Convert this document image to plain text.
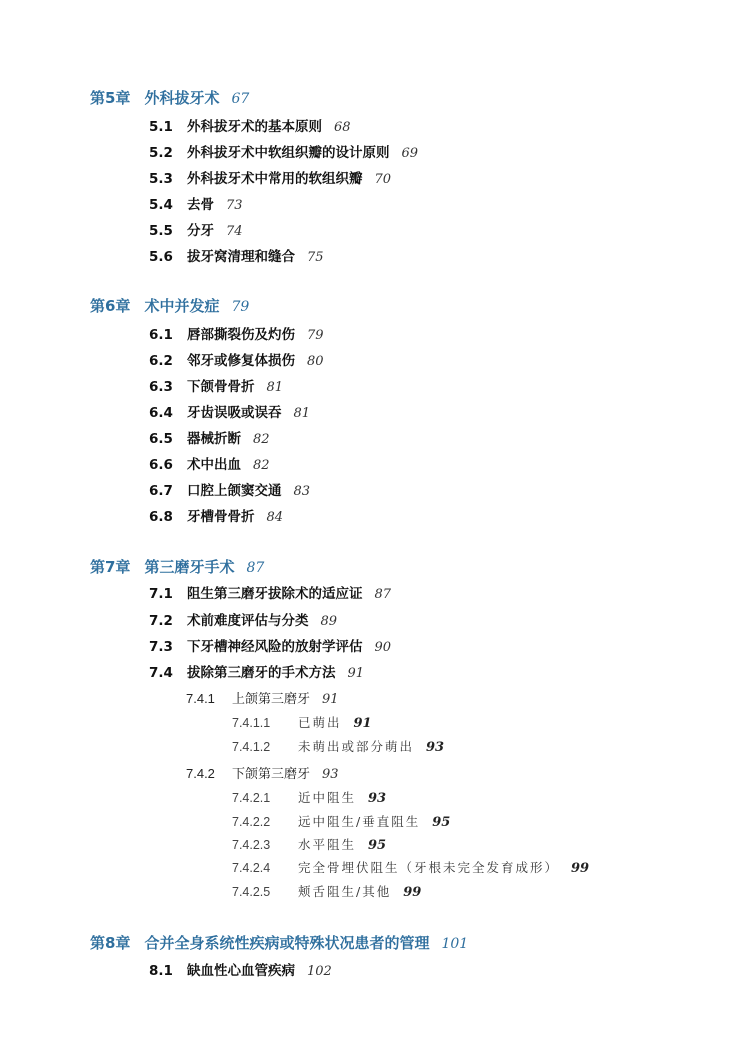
第5章 外科拔牙术 67
5.1 外科拔牙术的基本原则 68
5.2 外科拔牙术中软组织瓣的设计原则 69
5.3 外科拔牙术中常用的软组织瓣 70
5.4 去骨 73
5.5 分牙 74
5.6 拔牙窝清理和缝合 75
第6章 术中并发症 79
6.1 唇部撕裂伤及灼伤 79
6.2 邻牙或修复体损伤 80
6.3 下颌骨骨折 81
6.4 牙齿误吸或误吞 81
6.5 器械折断 82
6.6 术中出血 82
6.7 口腔上颌窦交通 83
6.8 牙槽骨骨折 84
第7章 第三磨牙手术 87
7.1 阻生第三磨牙拔除术的适应证 87
7.2 术前难度评估与分类 89
7.3 下牙槽神经风险的放射学评估 90
7.4 拔除第三磨牙的手术方法 91
7.4.1 上颌第三磨牙 91
7.4.1.1 已萌出 91
7.4.1.2 未萌出或部分萌出 93
7.4.2 下颌第三磨牙 93
7.4.2.1 近中阻生 93
7.4.2.2 远中阻生/垂直阻生 95
7.4.2.3 水平阻生 95
7.4.2.4 完全骨埋伏阻生（牙根未完全发育成形） 99
7.4.2.5 颊舌阻生/其他 99
第8章 合并全身系统性疾病或特殊状况患者的管理 101
8.1 缺血性心血管疾病 102
